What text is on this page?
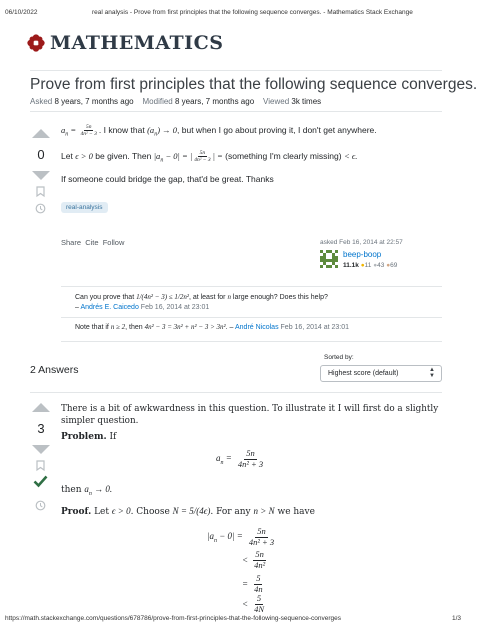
06/10/2022	real analysis - Prove from first principles that the following sequence converges. - Mathematics Stack Exchange
MATHEMATICS
Prove from first principles that the following sequence converges.
Asked 8 years, 7 months ago Modified 8 years, 7 months ago Viewed 3k times
0
$a_n = \frac{5n}{\text{4n² − 3}}$ . I know that $(a_n) \to 0$, but when I go about proving it, I don't get anywhere.
Let ϵ > 0 be given. Then $|a_n - 0|$ = | $\frac{5n}{\text{4n² − 3}}$ | = (something I'm clearly missing) < ϵ.
If someone could bridge the gap, that'd be great. Thanks
real-analysis
Share Cite Follow	asked Feb 16, 2014 at 22:57
beep-boop
11.1k ●11 ●43 ●69
Can you prove that 1/(4n² − 3) ≤ 1/2n², at least for n large enough? Does this help?
– Andrés E. Caicedo Feb 16, 2014 at 23:01
Note that if n ≥ 2, then 4n² − 3 = 3n² + n² − 3 > 3n². – André Nicolas Feb 16, 2014 at 23:01
2 Answers
Sorted by:
Highest score (default)	▲
▼
3
There is a bit of awkwardness in this question. To illustrate it I will first do a slightly simpler question.
Problem. If
$a_n = \frac{5n}{\text{4n² + 3}}$
then $a_n \to 0$.
Proof. Let ϵ > 0. Choose N = 5/(4ϵ). For any n > N we have
$|a_n - 0| = \frac{5n}{\text{4n² + 3}}$
< $\frac{5n}{\text{4n²}}$
= $\frac{5}{4n}$
< $\frac{5}{4N}$
https://math.stackexchange.com/questions/678786/prove-from-first-principles-that-the-following-sequence-converges	1/3
